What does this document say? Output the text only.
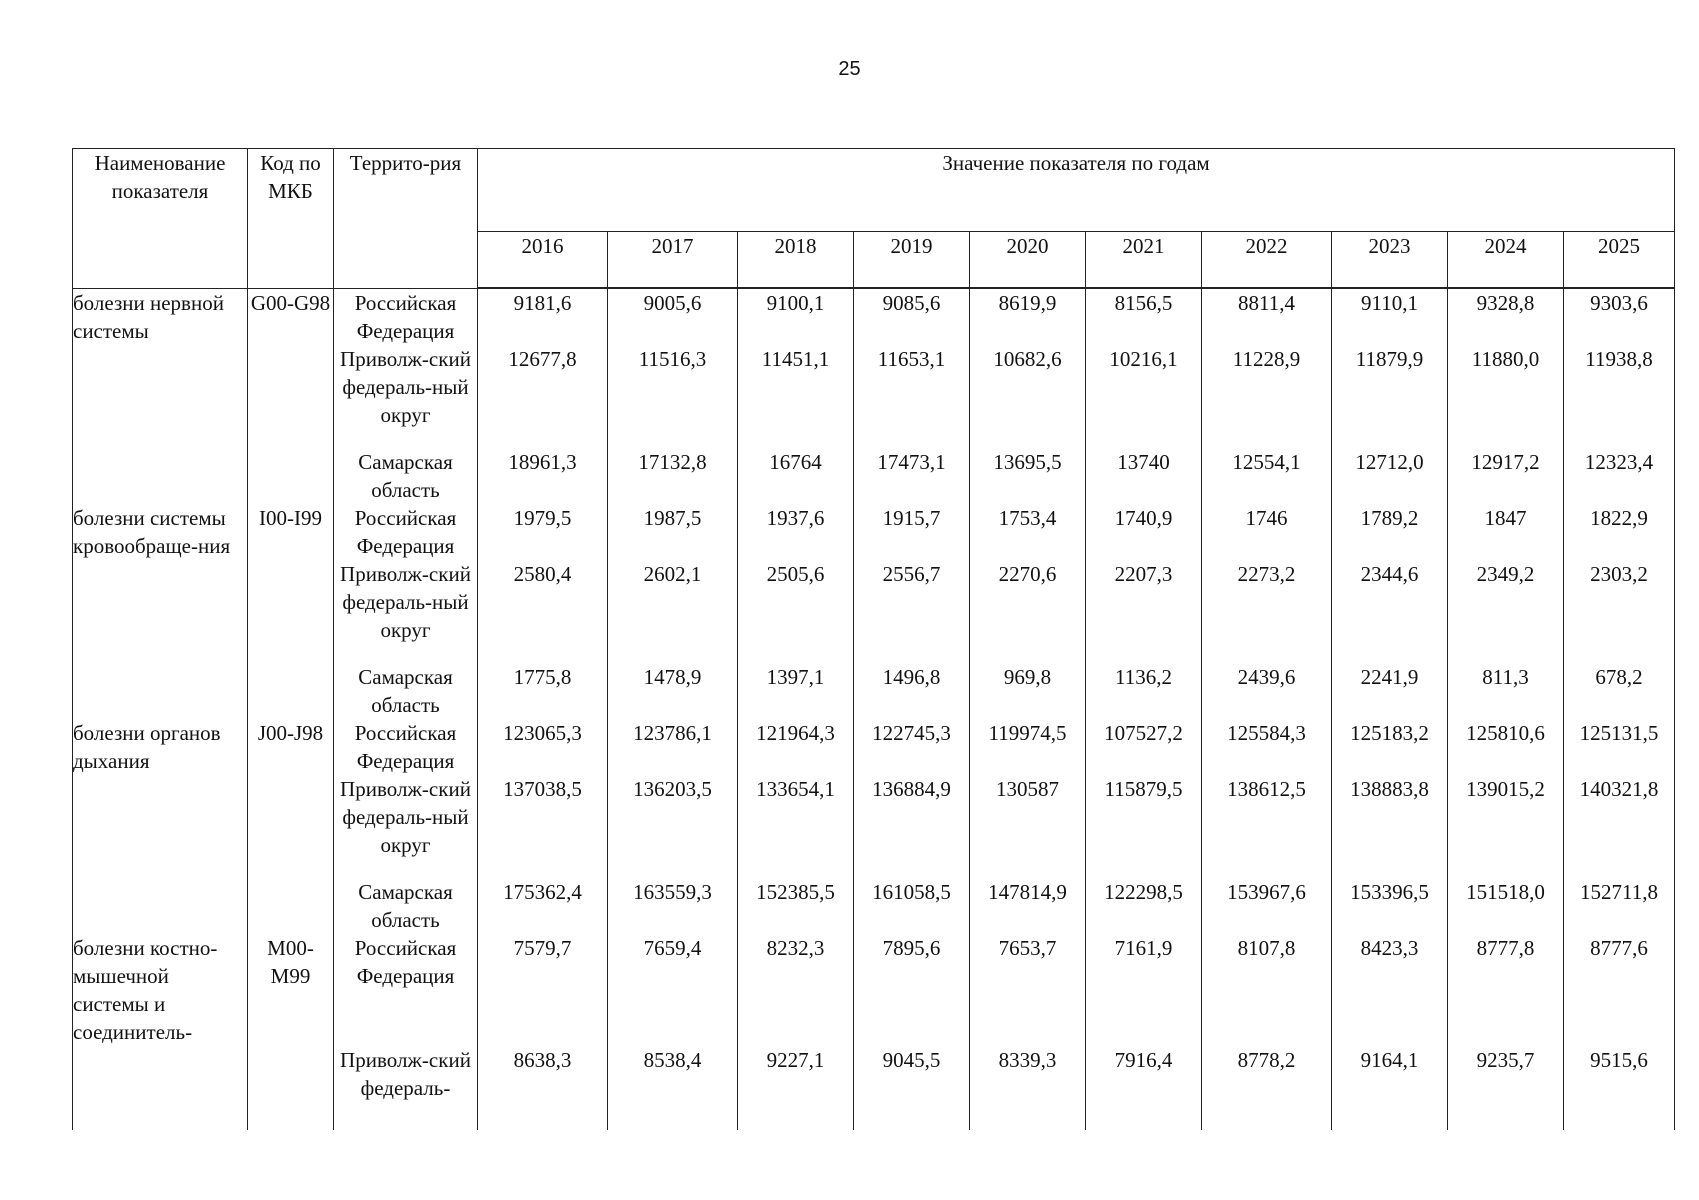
25
Наименование показателя	Код по МКБ	Террито-рия	Значение показателя по годам									
			2016	2017	2018	2019	2020	2021	2022	2023	2024	2025
болезни нервной системы	G00-G98	Российская Федерация	9181,6	9005,6	9100,1	9085,6	8619,9	8156,5	8811,4	9110,1	9328,8	9303,6
		Приволж-ский федераль-ный округ	12677,8	11516,3	11451,1	11653,1	10682,6	10216,1	11228,9	11879,9	11880,0	11938,8
		Самарская область	18961,3	17132,8	16764	17473,1	13695,5	13740	12554,1	12712,0	12917,2	12323,4
болезни системы кровообраще-ния	I00-I99	Российская Федерация	1979,5	1987,5	1937,6	1915,7	1753,4	1740,9	1746	1789,2	1847	1822,9
		Приволж-ский федераль-ный округ	2580,4	2602,1	2505,6	2556,7	2270,6	2207,3	2273,2	2344,6	2349,2	2303,2
		Самарская область	1775,8	1478,9	1397,1	1496,8	969,8	1136,2	2439,6	2241,9	811,3	678,2
болезни органов дыхания	J00-J98	Российская Федерация	123065,3	123786,1	121964,3	122745,3	119974,5	107527,2	125584,3	125183,2	125810,6	125131,5
		Приволж-ский федераль-ный округ	137038,5	136203,5	133654,1	136884,9	130587	115879,5	138612,5	138883,8	139015,2	140321,8
		Самарская область	175362,4	163559,3	152385,5	161058,5	147814,9	122298,5	153967,6	153396,5	151518,0	152711,8
болезни костно-мышечной системы и соединитель-	M00-M99	Российская Федерация	7579,7	7659,4	8232,3	7895,6	7653,7	7161,9	8107,8	8423,3	8777,8	8777,6
		Приволж-ский федераль-	8638,3	8538,4	9227,1	9045,5	8339,3	7916,4	8778,2	9164,1	9235,7	9515,6
